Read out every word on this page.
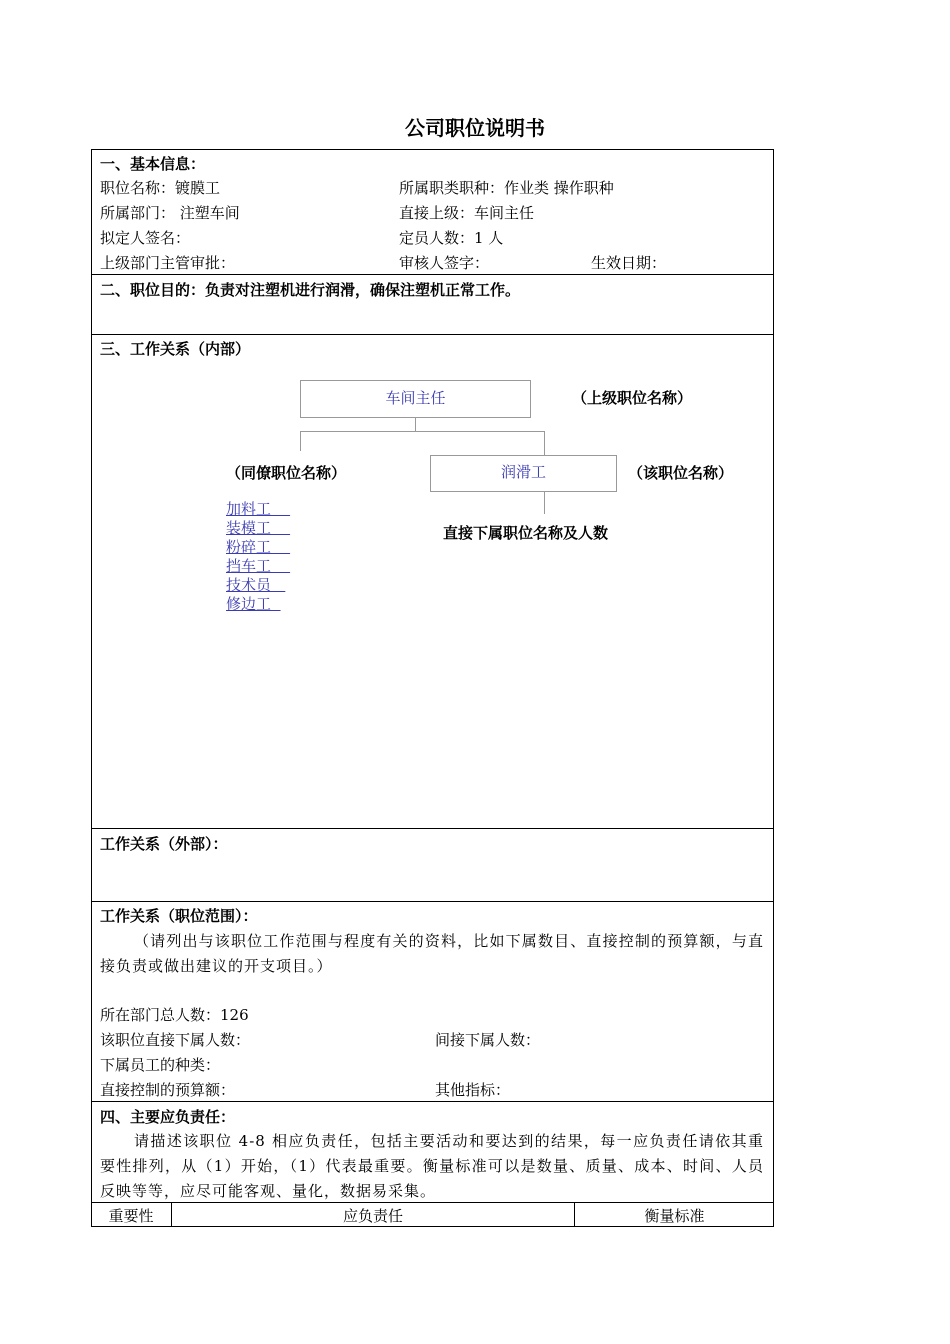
公司职位说明书
一、基本信息：
职位名称：镀膜工	所属职类职种：作业类 操作职种
所属部门： 注塑车间	直接上级：车间主任
拟定人签名：	定员人数：1 人
上级部门主管审批：	审核人签字：	生效日期：
二、职位目的：负责对注塑机进行润滑，确保注塑机正常工作。
三、工作关系（内部）
车间主任	（上级职位名称）
（同僚职位名称）	润滑工	（该职位名称）
直接下属职位名称及人数
加料工
装模工
粉碎工
挡车工
技术员
修边工
工作关系（外部）：
工作关系（职位范围）：
（请列出与该职位工作范围与程度有关的资料，比如下属数目、直接控制的预算额，与直接负责或做出建议的开支项目。）
所在部门总人数：126
该职位直接下属人数：	间接下属人数：
下属员工的种类：
直接控制的预算额：	其他指标：
四、主要应负责任：
请描述该职位 4-8 相应负责任，包括主要活动和要达到的结果，每一应负责任请依其重要性排列，从（1）开始，（1）代表最重要。衡量标准可以是数量、质量、成本、时间、人员反映等等，应尽可能客观、量化，数据易采集。
重要性	应负责任	衡量标准
